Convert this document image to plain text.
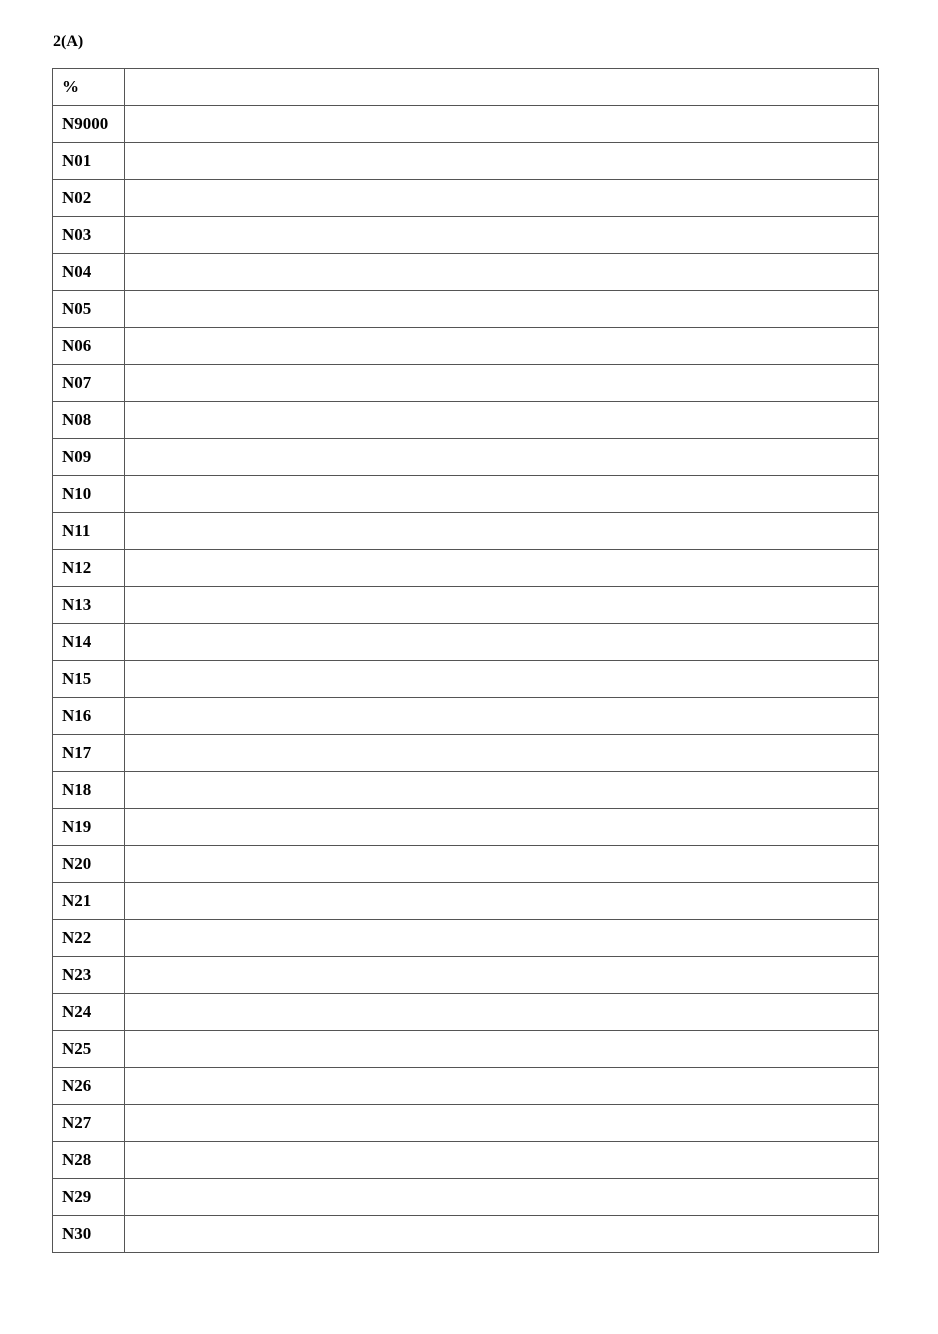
2(A)
%	
N9000	
N01	
N02	
N03	
N04	
N05	
N06	
N07	
N08	
N09	
N10	
N11	
N12	
N13	
N14	
N15	
N16	
N17	
N18	
N19	
N20	
N21	
N22	
N23	
N24	
N25	
N26	
N27	
N28	
N29	
N30	
